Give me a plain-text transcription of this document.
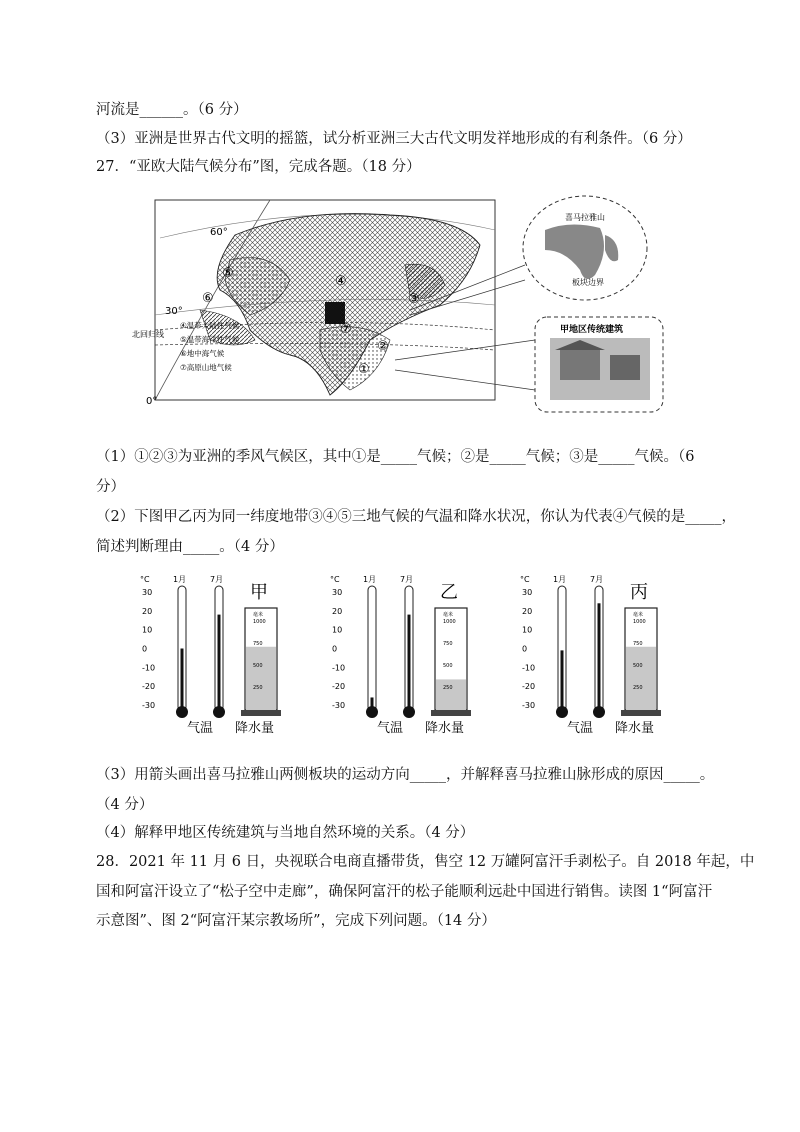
河流是______。（6 分）
（3）亚洲是世界古代文明的摇篮，试分析亚洲三大古代文明发祥地形成的有利条件。（6 分）
27．“亚欧大陆气候分布”图，完成各题。（18 分）
60°
30°
0°
北回归线
④
⑤
⑥
⑦
①
②
③
④温带大陆性气候
⑤温带海洋性气候
⑥地中海气候
⑦高原山地气候
喜马拉雅山
板块边界
甲地区传统建筑
（1）①②③为亚洲的季风气候区，其中①是_____气候；②是_____气候；③是_____气候。（6
分）
（2）下图甲乙丙为同一纬度地带③④⑤三地气候的气温和降水状况，你认为代表④气候的是_____，
简述判断理由_____。（4 分）
°C
30
20
10
0
-10
-20
-30
1月	7月
甲
毫米
1000
750
500
250
气温 降水量
°C
30
20
10
0
-10
-20
-30
1月	7月
乙
毫米
1000
750
500
250
气温 降水量
°C
30
20
10
0
-10
-20
-30
1月	7月
丙
毫米
1000
750
500
250
气温 降水量
（3）用箭头画出喜马拉雅山两侧板块的运动方向_____，并解释喜马拉雅山脉形成的原因_____。
（4 分）
（4）解释甲地区传统建筑与当地自然环境的关系。（4 分）
28．2021 年 11 月 6 日，央视联合电商直播带货，售空 12 万罐阿富汗手剥松子。自 2018 年起，中
国和阿富汗设立了“松子空中走廊”，确保阿富汗的松子能顺利远赴中国进行销售。读图 1“阿富汗
示意图”、图 2“阿富汗某宗教场所”，完成下列问题。（14 分）
